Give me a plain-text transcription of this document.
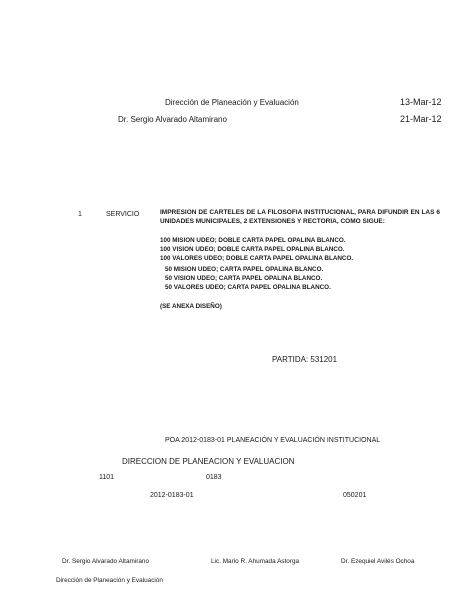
Dirección de Planeación y Evaluación
Dr. Sergio Alvarado Altamirano
13-Mar-12
21-Mar-12
1	SERVICIO	IMPRESION DE CARTELES DE LA FILOSOFIA INSTITUCIONAL, PARA DIFUNDIR EN LAS 6 UNIDADES MUNICIPALES, 2 EXTENSIONES Y RECTORIA, COMO SIGUE:
100 MISION UDEO; DOBLE CARTA PAPEL OPALINA BLANCO.
100 VISION UDEO; DOBLE CARTA PAPEL OPALINA BLANCO.
100 VALORES UDEO; DOBLE CARTA PAPEL OPALINA BLANCO.
50 MISION UDEO; CARTA PAPEL OPALINA BLANCO.
50 VISION UDEO; CARTA PAPEL OPALINA BLANCO.
50 VALORES UDEO; CARTA PAPEL OPALINA BLANCO.
(SE ANEXA DISEÑO)
PARTIDA: 531201
POA 2012-0183-01 PLANEACIÓN Y EVALUACIÓN INSTITUCIONAL
DIRECCION DE PLANEACION Y EVALUACION
1101	0183
2012-0183-01	050201
Dr. Sergio Alvarado Altamirano	Lic. Mario R. Ahumada Astorga	Dr. Ezequiel Avilés Ochoa
Dirección de Planeación y Evaluación
